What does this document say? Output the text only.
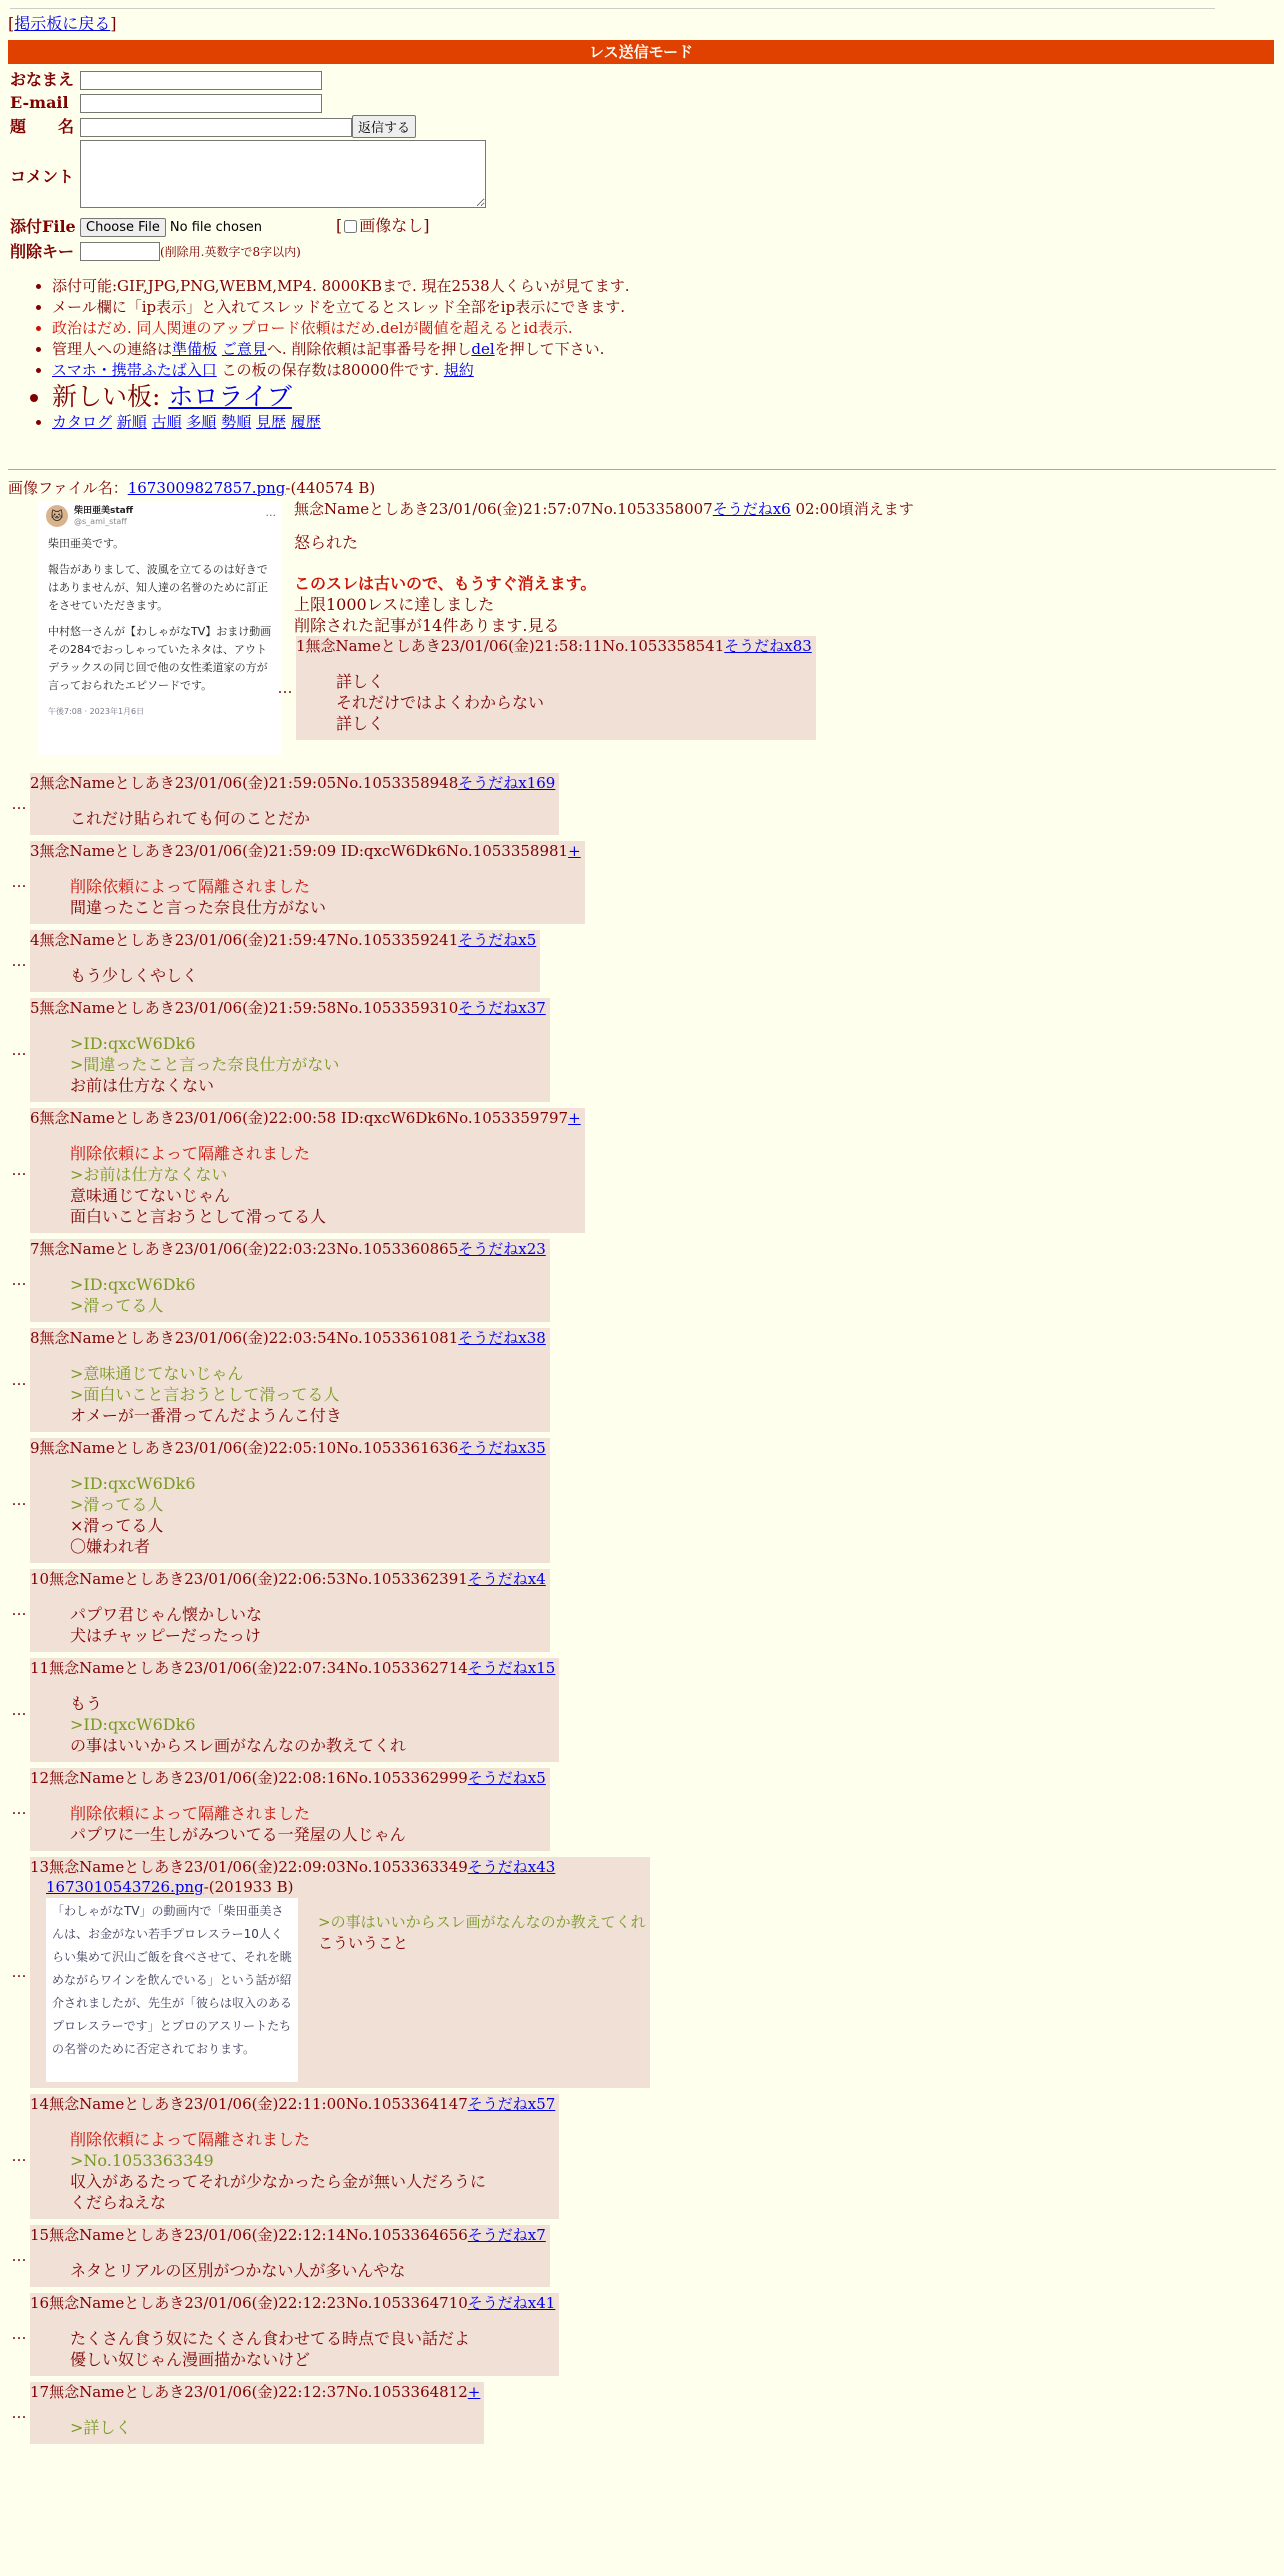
[掲示板に戻る]
レス送信モード
おなまえ	
E-mail	
題　　名	返信する
コメント	
添付File	Choose File No file chosen [ 画像なし]
削除キー	(削除用.英数字で8字以内)
• 添付可能:GIF,JPG,PNG,WEBM,MP4. 8000KBまで. 現在2538人くらいが見てます.
• メール欄に「ip表示」と入れてスレッドを立てるとスレッド全部をip表示にできます.
• 政治はだめ. 同人関連のアップロード依頼はだめ.delが閾値を超えるとid表示.
• 管理人への連絡は準備板 ご意見へ. 削除依頼は記事番号を押しdelを押して下さい.
• スマホ・携帯ふたば入口 この板の保存数は80000件です. 規約
• 新しい板: ホロライブ
• カタログ 新順 古順 多順 勢順 見歴 履歴
画像ファイル名：1673009827857.png-(440574 B)
🐱	柴田亜美staff
@s_ami_staff	···

柴田亜美です。

報告がありまして、波風を立てるのは好きではありませんが、知人達の名誉のために訂正をさせていただきます。

中村悠一さんが【わしゃがなTV】おまけ動画その284でおっしゃっていたネタは、アウトデラックスの同じ回で他の女性柔道家の方が言っておられたエピソードです。

午後7:08 · 2023年1月6日
無念Nameとしあき23/01/06(金)21:57:07No.1053358007そうだねx6 02:00頃消えます
怒られた
このスレは古いので、もうすぐ消えます。
上限1000レスに達しました
削除された記事が14件あります.見る
…
1無念Nameとしあき23/01/06(金)21:58:11No.1053358541そうだねx83
詳しく
それだけではよくわからない
詳しく
…
2無念Nameとしあき23/01/06(金)21:59:05No.1053358948そうだねx169
これだけ貼られても何のことだか
…
3無念Nameとしあき23/01/06(金)21:59:09 ID:qxcW6Dk6No.1053358981+
削除依頼によって隔離されました
間違ったこと言った奈良仕方がない
…
4無念Nameとしあき23/01/06(金)21:59:47No.1053359241そうだねx5
もう少しくやしく
…
5無念Nameとしあき23/01/06(金)21:59:58No.1053359310そうだねx37
>ID:qxcW6Dk6
>間違ったこと言った奈良仕方がない
お前は仕方なくない
…
6無念Nameとしあき23/01/06(金)22:00:58 ID:qxcW6Dk6No.1053359797+
削除依頼によって隔離されました
>お前は仕方なくない
意味通じてないじゃん
面白いこと言おうとして滑ってる人
…
7無念Nameとしあき23/01/06(金)22:03:23No.1053360865そうだねx23
>ID:qxcW6Dk6
>滑ってる人
…
8無念Nameとしあき23/01/06(金)22:03:54No.1053361081そうだねx38
>意味通じてないじゃん
>面白いこと言おうとして滑ってる人
オメーが一番滑ってんだようんこ付き
…
9無念Nameとしあき23/01/06(金)22:05:10No.1053361636そうだねx35
>ID:qxcW6Dk6
>滑ってる人
×滑ってる人
〇嫌われ者
…
10無念Nameとしあき23/01/06(金)22:06:53No.1053362391そうだねx4
パプワ君じゃん懐かしいな
犬はチャッピーだったっけ
…
11無念Nameとしあき23/01/06(金)22:07:34No.1053362714そうだねx15
もう
>ID:qxcW6Dk6
の事はいいからスレ画がなんなのか教えてくれ
…
12無念Nameとしあき23/01/06(金)22:08:16No.1053362999そうだねx5
削除依頼によって隔離されました
パプワに一生しがみついてる一発屋の人じゃん
…
13無念Nameとしあき23/01/06(金)22:09:03No.1053363349そうだねx43
1673010543726.png-(201933 B)
「わしゃがなTV」の動画内で「柴田亜美さんは、お金がない若手プロレスラー10人くらい集めて沢山ご飯を食べさせて、それを眺めながらワインを飲んでいる」という話が紹介されましたが、先生が「彼らは収入のあるプロレスラーです」とプロのアスリートたちの名誉のために否定されております。
>の事はいいからスレ画がなんなのか教えてくれ
こういうこと
…
14無念Nameとしあき23/01/06(金)22:11:00No.1053364147そうだねx57
削除依頼によって隔離されました
>No.1053363349
収入があるたってそれが少なかったら金が無い人だろうに
くだらねえな
…
15無念Nameとしあき23/01/06(金)22:12:14No.1053364656そうだねx7
ネタとリアルの区別がつかない人が多いんやな
…
16無念Nameとしあき23/01/06(金)22:12:23No.1053364710そうだねx41
たくさん食う奴にたくさん食わせてる時点で良い話だよ
優しい奴じゃん漫画描かないけど
…
17無念Nameとしあき23/01/06(金)22:12:37No.1053364812+
>詳しく
